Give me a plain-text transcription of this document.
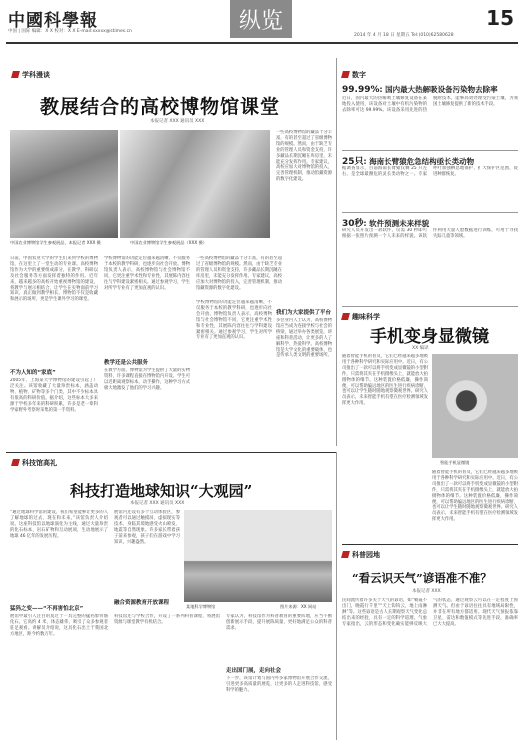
中國科學報
中国 | 国际 编辑：X X 校对：X X E-mail:xxxxx@stimes.cn	纵览	15
2014 年 4 月 18 日 星期五 Tel:(010)62580628
学科漫谈
教展结合的高校博物馆课堂
本报记者 XXX 通讯员 XXX
中国农业博物馆学生参观展品，本报记者 XXX 摄	中国农业博物馆学生参观展品（XXX 摄）
日前，中国农业大学的学生们来到学校的博物馆，在这里上了一堂生动的专业课。高校博物馆作为大学的重要组成部分，在教学、科研以及社会服务等方面发挥着独特的作用。近年来，越来越多的高校开始重视博物馆的建设，将教学与展示相结合，让学生在实物面前学习知识，真正做到教学相长。博物馆不仅是收藏和展示的场所，更是学生课外学习的课堂。
不为人知的“家底”
2005年，上海某大学博物馆的建设引起了广泛关注。该馆收藏了大量珍贵标本，涵盖动物、植物、矿物等多个门类，其中不少标本具有很高的科研价值。据介绍，这些标本大多来源于学校多年来的科研积累，许多是老一辈科学家野外考察时采集的第一手资料。
学校博物馆的功能定位越来越清晰，不仅服务于本校的教学科研，也逐步向社会开放。博物馆负责人表示，高校博物馆与社会博物馆不同，它更注重学术性和专业性，其展陈内容往往与学科建设紧密相关。通过参观学习，学生对所学专业有了更加直观的认识。
教学还是公共服务
在教学方面，博物馆为学生提供了大量的实物资料，许多课程直接在博物馆内开设。学生可以近距离观察标本，动手操作，这种学习方式极大地激发了他们的学习兴趣。
一些高校博物馆的藏品十分丰富，有的甚至超过了省级博物馆的规模。然而，由于缺乏专业的管理人员和资金支持，许多藏品长期沉睡在库房里，未能充分发挥作用。专家建议，高校应加大对博物馆的投入，完善管理机制，推动馆藏资源的数字化建设。
一些高校博物馆的藏品十分丰富，有的甚至超过了省级博物馆的规模。然而，由于缺乏专业的管理人员和资金支持，许多藏品长期沉睡在库房里，未能充分发挥作用。专家建议，高校应加大对博物馆的投入，完善管理机制，推动馆藏资源的数字化建设。
我们为大家提供了平台
多位业内人士认为，高校博物馆应当成为连接学校与社会的桥梁，通过举办各类展览、讲座和科普活动，让更多的人了解科学、热爱科学。高校博物馆是大学文化的重要载体，也是传承人类文明的重要场所。
学校博物馆的功能定位越来越清晰，不仅服务于本校的教学科研，也逐步向社会开放。博物馆负责人表示，高校博物馆与社会博物馆不同，它更注重学术性和专业性，其展陈内容往往与学科建设紧密相关。通过参观学习，学生对所学专业有了更加直观的认识。
数字
99.99%: 国内最大热解吸设备污染物去除率
近日，国内最大的热解吸土壤修复设备在某地投入使用，该设备对土壤中有机污染物的去除率可达 99.99%。该设备采用先进的热脱附技术，能够高效处理受污染土壤，为我国土壤修复提供了新的技术手段。
25只: 海南长臂猿危急结构亟长类动物
据调查显示，目前海南长臂猿仅剩 25 只左右，是全球最濒危的灵长类动物之一。专家呼吁加强栖息地保护，扩大保护区范围，促进种群恢复。
30秒: 软件预测未来样貌
研究人员开发出一款软件，仅需 30 秒即可根据一张照片预测一个人未来的样貌。该软件利用大量人脸数据进行训练，可用于寻找失踪儿童等领域。
趣味科学
手机变身显微镜
XX 编译
随着智能手机的普及，它们已经越来越多地被用于各种科学研究和实际应用中。近日，有公司推出了一款可以将手机变成显微镜的小型附件，只需将其夹在手机摄像头上，就能放大拍摄物体的细节。这种装置价格低廉，操作简便，可以帮助偏远地区的医生进行疾病诊断，也可以让学生随时随地观察微观世界。研究人员表示，未来智能手机有望在医疗检测领域发挥更大作用。
智能手机显微镜
随着智能手机的普及，它们已经越来越多地被用于各种科学研究和实际应用中。近日，有公司推出了一款可以将手机变成显微镜的小型附件，只需将其夹在手机摄像头上，就能放大拍摄物体的细节。这种装置价格低廉，操作简便，可以帮助偏远地区的医生进行疾病诊断，也可以让学生随时随地观察微观世界。研究人员表示，未来智能手机有望在医疗检测领域发挥更大作用。
科技馆高礼
科技打造地球知识“大观园”
本报记者 XXX 通讯员 XXX
“通过地球科学馆的建设，我们希望能够让更多的人了解地球的过去、现在和未来。”该馆负责人介绍说。这座科技馆以地球演化为主线，通过大量珍贵的化石标本、岩石矿物和互动展项，生动地展示了地球 46 亿年的发展历程。
猛犸之变——“不再害怕北京”
展馆中最引人注目的莫过于一具完整的猛犸象骨骼化石。它高约 4 米，体态雄伟，吸引了众多参观者驻足观看。讲解员介绍说，这具化石出土于我国北方地区，距今约数万年。
展馆内还设有多个互动体验区，参观者可以通过触摸屏、虚拟现实等技术，身临其境地感受火山喷发、地震等自然现象。许多家长带着孩子前来参观，孩子们在游戏中学习知识，兴趣盎然。
某地科学博物馆	图片来源：XX 网站
融合资源教育开放课程
科技馆还与学校合作，开设了一系列科普课程，将展馆资源与课堂教学有机结合。
专家认为，科技馆作为科普教育的重要阵地，应当不断创新展示手段，提升展陈质量，更好地满足公众的科普需求。
走出国门展，走向社会
下一步，该馆计划与国内外多家博物馆开展合作交流，引进更多高质量的展览，让更多的人走进科技馆，感受科学的魅力。
科普园地
“看云识天气”谚语准不准？
本报记者 XXX
民间流传着许多关于天气的谚语，如“朝霞不出门，晚霞行千里”“天上钩钩云，地上雨淋淋”等。这些谚语是古人长期观察天气变化总结出来的经验，具有一定的科学道理。气象专家指出，云的形态和变化确实能够反映大气的状态，通过观察云可以在一定程度上预测天气。但由于谚语往往具有地域局限性，并非在所有地方都适用。现代天气预报依靠卫星、雷达和数值模式等先进手段，准确率已大大提高。
